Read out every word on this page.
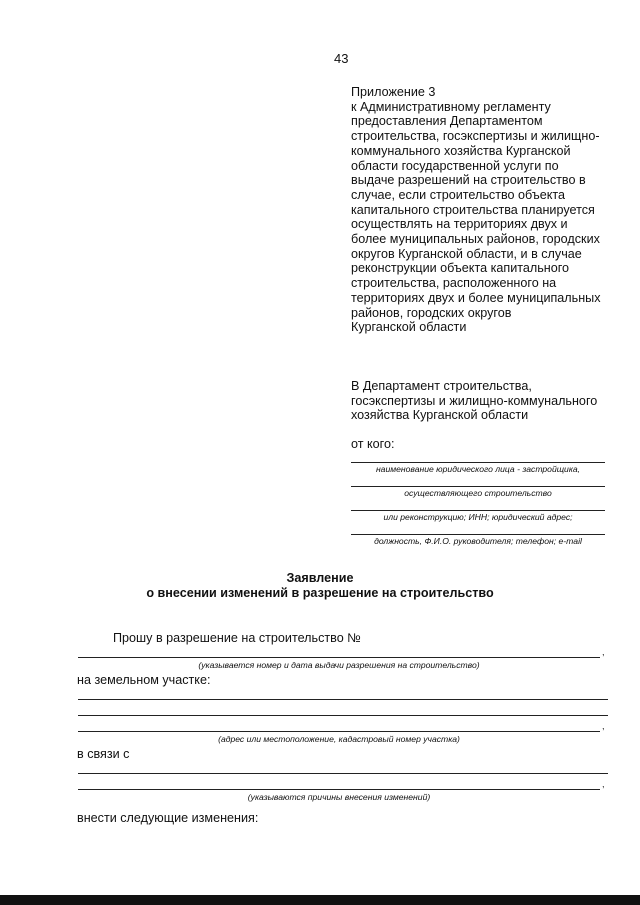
43
Приложение 3
к Административному регламенту
предоставления Департаментом
строительства, госэкспертизы и жилищно-
коммунального хозяйства Курганской
области государственной услуги по
выдаче разрешений на строительство в
случае, если строительство объекта
капитального строительства планируется
осуществлять на территориях двух и
более муниципальных районов, городских
округов Курганской области, и в случае
реконструкции объекта капитального
строительства, расположенного на
территориях двух и более муниципальных
районов, городских округов
Курганской области
В Департамент строительства,
госэкспертизы и жилищно-коммунального
хозяйства Курганской области
от кого:
наименование юридического лица - застройщика,
осуществляющего строительство
или реконструкцию; ИНН; юридический адрес;
должность, Ф.И.О. руководителя; телефон; e-mail
Заявление
о внесении изменений в разрешение на строительство
Прошу в разрешение на строительство №
,
(указывается номер и дата выдачи разрешения на строительство)
на земельном участке:
,
(адрес или местоположение, кадастровый номер участка)
в связи с
,
(указываются причины внесения изменений)
внести следующие изменения:
